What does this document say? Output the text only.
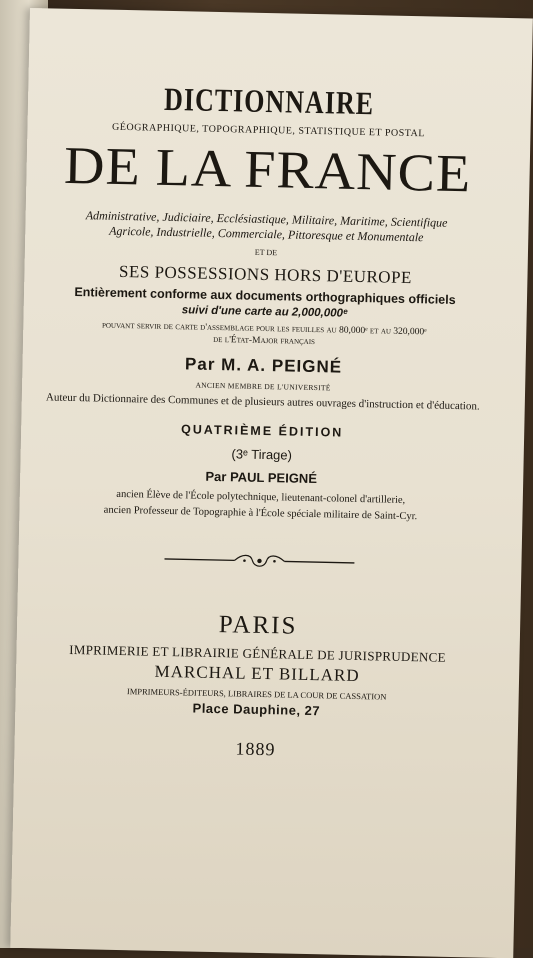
DICTIONNAIRE
GÉOGRAPHIQUE, TOPOGRAPHIQUE, STATISTIQUE ET POSTAL
DE LA FRANCE
Administrative, Judiciaire, Ecclésiastique, Militaire, Maritime, Scientifique
Agricole, Industrielle, Commerciale, Pittoresque et Monumentale
ET DE
SES POSSESSIONS HORS D'EUROPE
Entièrement conforme aux documents orthographiques officiels
suivi d'une carte au 2,000,000ᵉ
pouvant servir de carte d'assemblage pour les feuilles au 80,000ᵉ et au 320,000ᵉ
de l'État-Major français
Par M. A. PEIGNÉ
ANCIEN MEMBRE DE L'UNIVERSITÉ
Auteur du Dictionnaire des Communes et de plusieurs autres ouvrages d'instruction et d'éducation.
QUATRIÈME ÉDITION
(3ᵉ Tirage)
Par PAUL PEIGNÉ
ancien Élève de l'École polytechnique, lieutenant-colonel d'artillerie,
ancien Professeur de Topographie à l'École spéciale militaire de Saint-Cyr.
PARIS
IMPRIMERIE ET LIBRAIRIE GÉNÉRALE DE JURISPRUDENCE
MARCHAL ET BILLARD
IMPRIMEURS-ÉDITEURS, LIBRAIRES DE LA COUR DE CASSATION
Place Dauphine, 27
1889
